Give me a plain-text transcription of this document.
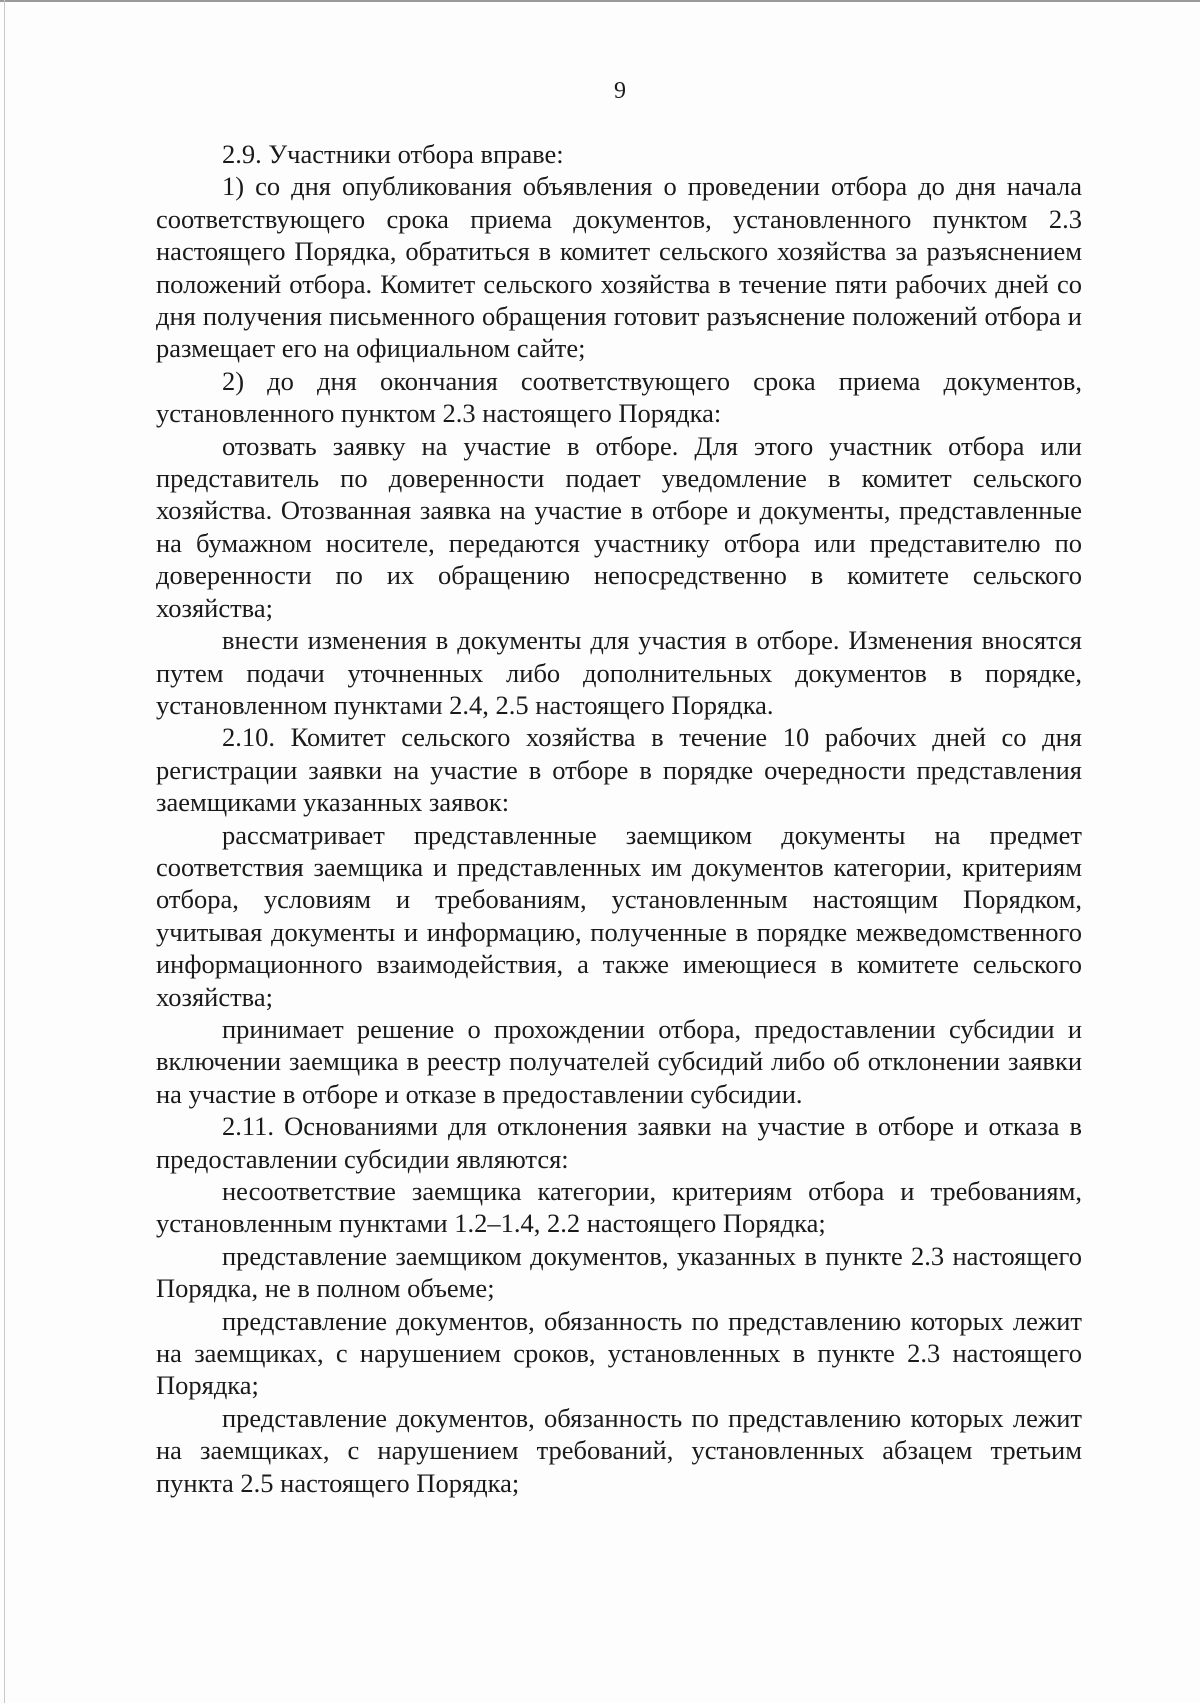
9

2.9. Участники отбора вправе:

1) со дня опубликования объявления о проведении отбора до дня начала соответствующего срока приема документов, установленного пунктом 2.3 настоящего Порядка, обратиться в комитет сельского хозяйства за разъяснением положений отбора. Комитет сельского хозяйства в течение пяти рабочих дней со дня получения письменного обращения готовит разъяснение положений отбора и размещает его на официальном сайте;

2) до дня окончания соответствующего срока приема документов, установленного пунктом 2.3 настоящего Порядка:

отозвать заявку на участие в отборе. Для этого участник отбора или представитель по доверенности подает уведомление в комитет сельского хозяйства. Отозванная заявка на участие в отборе и документы, представленные на бумажном носителе, передаются участнику отбора или представителю по доверенности по их обращению непосредственно в комитете сельского хозяйства;

внести изменения в документы для участия в отборе. Изменения вносятся путем подачи уточненных либо дополнительных документов в порядке, установленном пунктами 2.4, 2.5 настоящего Порядка.

2.10. Комитет сельского хозяйства в течение 10 рабочих дней со дня регистрации заявки на участие в отборе в порядке очередности представления заемщиками указанных заявок:

рассматривает представленные заемщиком документы на предмет соответствия заемщика и представленных им документов категории, критериям отбора, условиям и требованиям, установленным настоящим Порядком, учитывая документы и информацию, полученные в порядке межведомственного информационного взаимодействия, а также имеющиеся в комитете сельского хозяйства;

принимает решение о прохождении отбора, предоставлении субсидии и включении заемщика в реестр получателей субсидий либо об отклонении заявки на участие в отборе и отказе в предоставлении субсидии.

2.11. Основаниями для отклонения заявки на участие в отборе и отказа в предоставлении субсидии являются:

несоответствие заемщика категории, критериям отбора и требованиям, установленным пунктами 1.2–1.4, 2.2 настоящего Порядка;

представление заемщиком документов, указанных в пункте 2.3 настоящего Порядка, не в полном объеме;

представление документов, обязанность по представлению которых лежит на заемщиках, с нарушением сроков, установленных в пункте 2.3 настоящего Порядка;

представление документов, обязанность по представлению которых лежит на заемщиках, с нарушением требований, установленных абзацем третьим пункта 2.5 настоящего Порядка;
